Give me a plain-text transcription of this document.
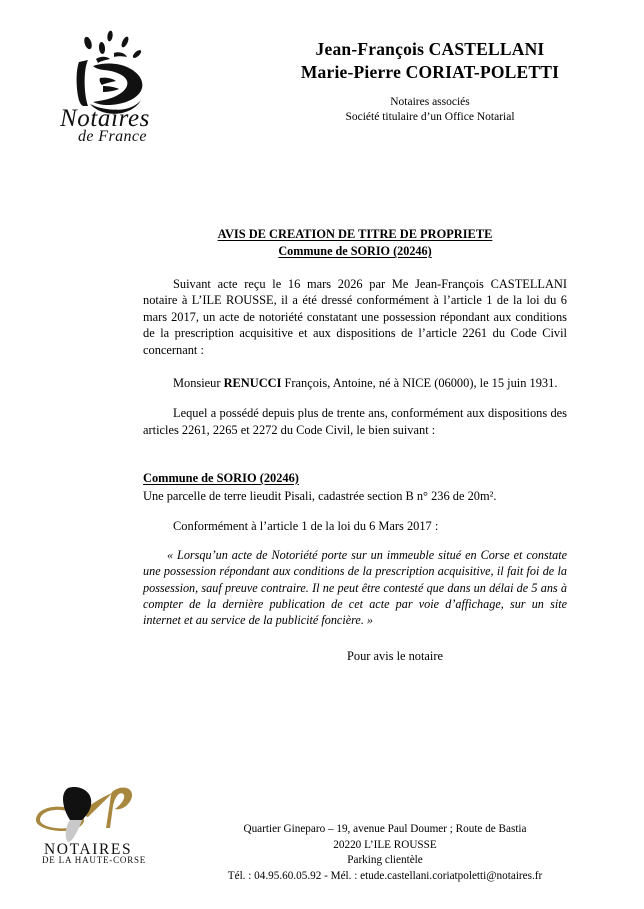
Notaires
de France
Jean-François CASTELLANI
Marie-Pierre CORIAT-POLETTI
Notaires associés
Société titulaire d’un Office Notarial
AVIS DE CREATION DE TITRE DE PROPRIETE
Commune de SORIO (20246)

Suivant acte reçu le 16 mars 2026 par Me Jean-François CASTELLANI notaire à L’ILE ROUSSE, il a été dressé conformément à l’article 1 de la loi du 6 mars 2017, un acte de notoriété constatant une possession répondant aux conditions de la prescription acquisitive et aux dispositions de l’article 2261 du Code Civil concernant :

Monsieur RENUCCI François, Antoine, né à NICE (06000), le 15 juin 1931.

Lequel a possédé depuis plus de trente ans, conformément aux dispositions des articles 2261, 2265 et 2272 du Code Civil, le bien suivant :

Commune de SORIO (20246)
Une parcelle de terre lieudit Pisali, cadastrée section B n° 236 de 20m².

Conformément à l’article 1 de la loi du 6 Mars 2017 :

« Lorsqu’un acte de Notoriété porte sur un immeuble situé en Corse et constate une possession répondant aux conditions de la prescription acquisitive, il fait foi de la possession, sauf preuve contraire. Il ne peut être contesté que dans un délai de 5 ans à compter de la dernière publication de cet acte par voie d’affichage, sur un site internet et au service de la publicité foncière. »

Pour avis le notaire
NOTAIRES
DE LA HAUTE-CORSE
Quartier Gineparo – 19, avenue Paul Doumer ; Route de Bastia
20220 L’ILE ROUSSE
Parking clientèle
Tél. : 04.95.60.05.92 - Mél. : etude.castellani.coriatpoletti@notaires.fr
